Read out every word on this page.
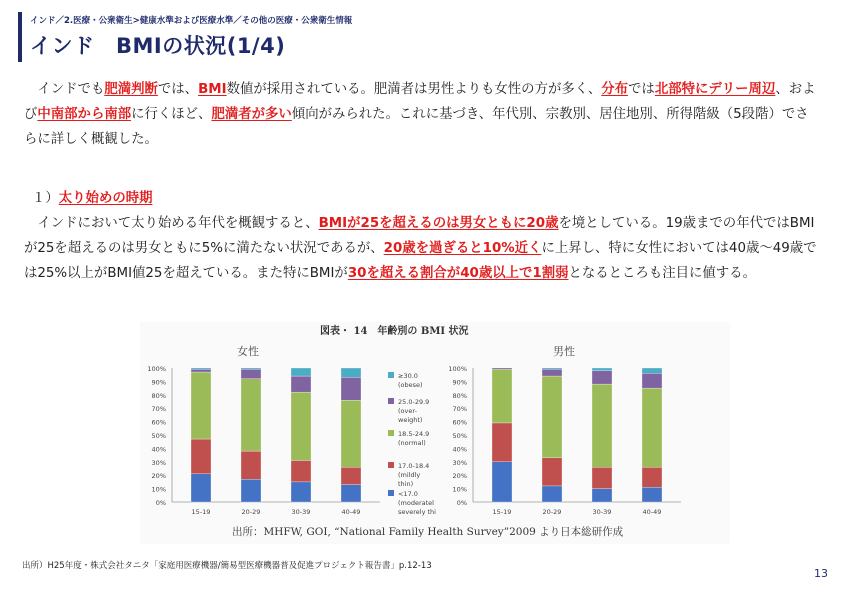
インド／2.医療・公衆衛生>健康水準および医療水準／その他の医療・公衆衛生情報
インド　BMIの状況(1/4)
インドでも肥満判断では、BMI数値が採用されている。肥満者は男性よりも女性の方が多く、分布では北部特にデリー周辺、および中南部から南部に行くほど、肥満者が多い傾向がみられた。これに基づき、年代別、宗教別、居住地別、所得階級（5段階）でさらに詳しく概観した。
１）太り始めの時期
インドにおいて太り始める年代を概観すると、BMIが25を超えるのは男女ともに20歳を境としている。19歳までの年代ではBMIが25を超えるのは男女ともに5%に満たない状況であるが、20歳を過ぎると10%近くに上昇し、特に女性においては40歳～49歳では25%以上がBMI値25を超えている。また特にBMIが30を超える割合が40歳以上で1割弱となるところも注目に値する。
図表・ 14　年齢別の BMI 状況
出所：MHFW, GOI, “National Family Health Survey”2009 より日本総研作成
女性
0%
10%
20%
30%
40%
50%
60%
70%
80%
90%
100%
15-19	20-29	30-39	40-49
男性
0%
10%
20%
30%
40%
50%
60%
70%
80%
90%
100%
15-19	20-29	30-39	40-49
≥30.0
(obese)
25.0-29.9
(over-
weight)
18.5-24.9
(normal)
17.0-18.4
(mildly
thin)
<17.0
(moderatel
severely thi
出所）H25年度・株式会社タニタ「家庭用医療機器/簡易型医療機器普及促進プロジェクト報告書」p.12-13
13
